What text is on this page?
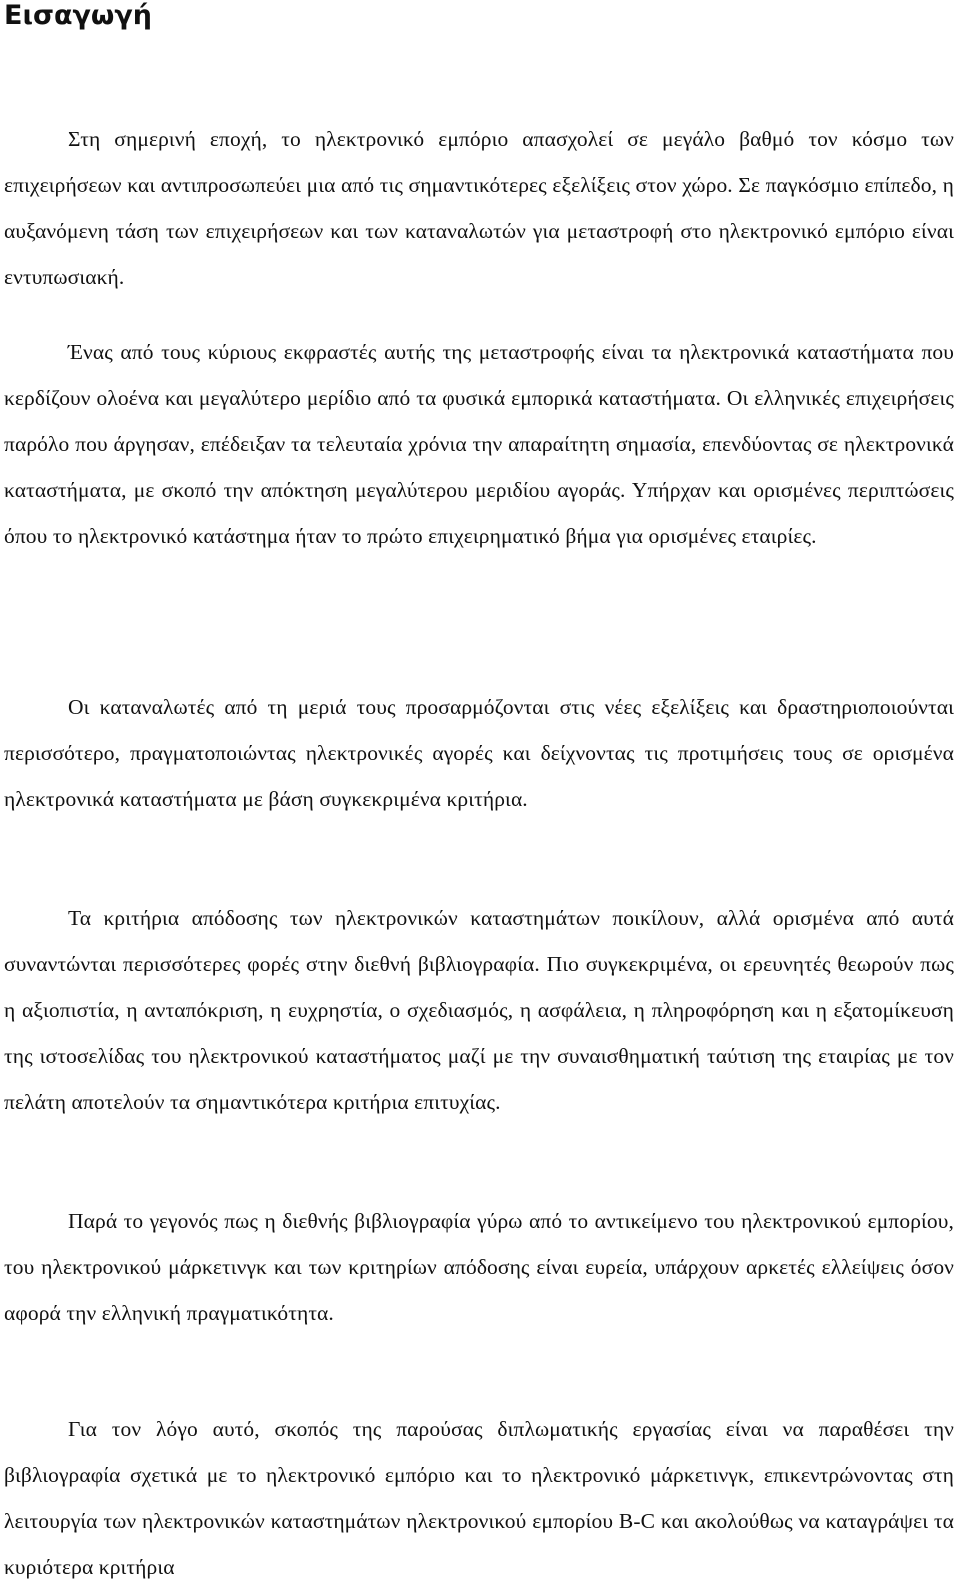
Εισαγωγή

Στη σημερινή εποχή, το ηλεκτρονικό εμπόριο απασχολεί σε μεγάλο βαθμό τον κόσμο των επιχειρήσεων και αντιπροσωπεύει μια από τις σημαντικότερες εξελίξεις στον χώρο. Σε παγκόσμιο επίπεδο, η αυξανόμενη τάση των επιχειρήσεων και των καταναλωτών για μεταστροφή στο ηλεκτρονικό εμπόριο είναι εντυπωσιακή.

Ένας από τους κύριους εκφραστές αυτής της μεταστροφής είναι τα ηλεκτρονικά καταστήματα που κερδίζουν ολοένα και μεγαλύτερο μερίδιο από τα φυσικά εμπορικά καταστήματα. Οι ελληνικές επιχειρήσεις παρόλο που άργησαν, επέδειξαν τα τελευταία χρόνια την απαραίτητη σημασία, επενδύοντας σε ηλεκτρονικά καταστήματα, με σκοπό την απόκτηση μεγαλύτερου μεριδίου αγοράς. Υπήρχαν και ορισμένες περιπτώσεις όπου το ηλεκτρονικό κατάστημα ήταν το πρώτο επιχειρηματικό βήμα για ορισμένες εταιρίες.

Οι καταναλωτές από τη μεριά τους προσαρμόζονται στις νέες εξελίξεις και δραστηριοποιούνται περισσότερο, πραγματοποιώντας ηλεκτρονικές αγορές και δείχνοντας τις προτιμήσεις τους σε ορισμένα ηλεκτρονικά καταστήματα με βάση συγκεκριμένα κριτήρια.

Τα κριτήρια απόδοσης των ηλεκτρονικών καταστημάτων ποικίλουν, αλλά ορισμένα από αυτά συναντώνται περισσότερες φορές στην διεθνή βιβλιογραφία. Πιο συγκεκριμένα, οι ερευνητές θεωρούν πως η αξιοπιστία, η ανταπόκριση, η ευχρηστία, ο σχεδιασμός, η ασφάλεια, η πληροφόρηση και η εξατομίκευση της ιστοσελίδας του ηλεκτρονικού καταστήματος μαζί με την συναισθηματική ταύτιση της εταιρίας με τον πελάτη αποτελούν τα σημαντικότερα κριτήρια επιτυχίας.

Παρά το γεγονός πως η διεθνής βιβλιογραφία γύρω από το αντικείμενο του ηλεκτρονικού εμπορίου, του ηλεκτρονικού μάρκετινγκ και των κριτηρίων απόδοσης είναι ευρεία, υπάρχουν αρκετές ελλείψεις όσον αφορά την ελληνική πραγματικότητα.

Για τον λόγο αυτό, σκοπός της παρούσας διπλωματικής εργασίας είναι να παραθέσει την βιβλιογραφία σχετικά με το ηλεκτρονικό εμπόριο και το ηλεκτρονικό μάρκετινγκ, επικεντρώνοντας στη λειτουργία των ηλεκτρονικών καταστημάτων ηλεκτρονικού εμπορίου B-C και ακολούθως να καταγράψει τα κυριότερα κριτήρια
